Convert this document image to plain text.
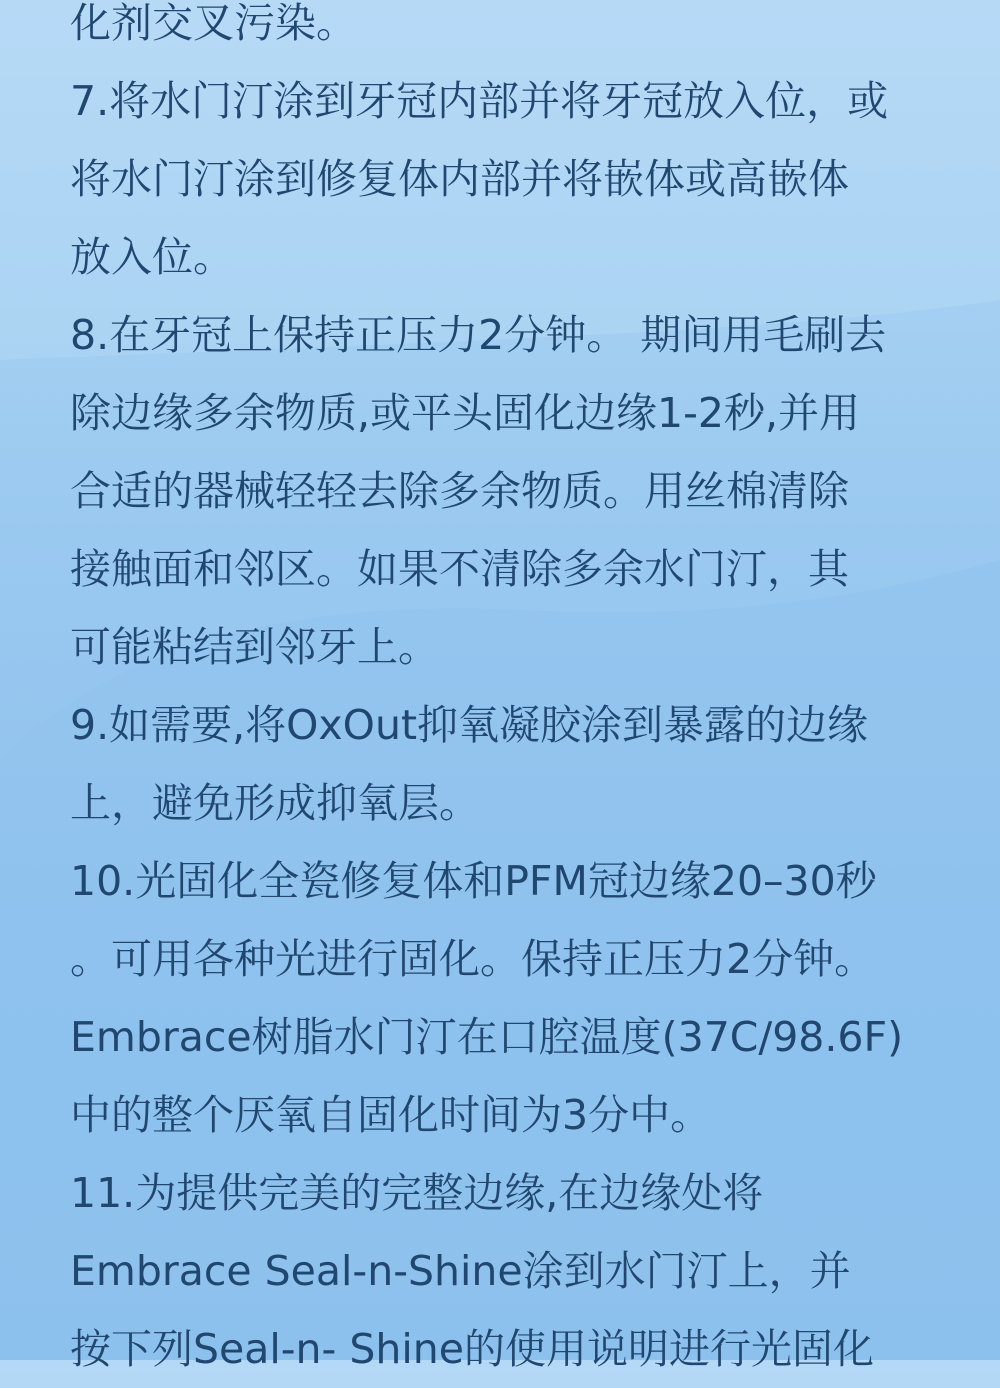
化剂交叉污染。
7.将水门汀涂到牙冠内部并将牙冠放入位，或
将水门汀涂到修复体内部并将嵌体或高嵌体
放入位。
8.在牙冠上保持正压力2分钟。 期间用毛刷去
除边缘多余物质,或平头固化边缘1-2秒,并用
合适的器械轻轻去除多余物质。用丝棉清除
接触面和邻区。如果不清除多余水门汀，其
可能粘结到邻牙上。
9.如需要,将OxOut抑氧凝胶涂到暴露的边缘
上，避免形成抑氧层。
10.光固化全瓷修复体和PFM冠边缘20–30秒
。可用各种光进行固化。保持正压力2分钟。
Embrace树脂水门汀在口腔温度(37C/98.6F)
中的整个厌氧自固化时间为3分中。
11.为提供完美的完整边缘,在边缘处将
Embrace Seal-n-Shine涂到水门汀上，并
按下列Seal-n- Shine的使用说明进行光固化
